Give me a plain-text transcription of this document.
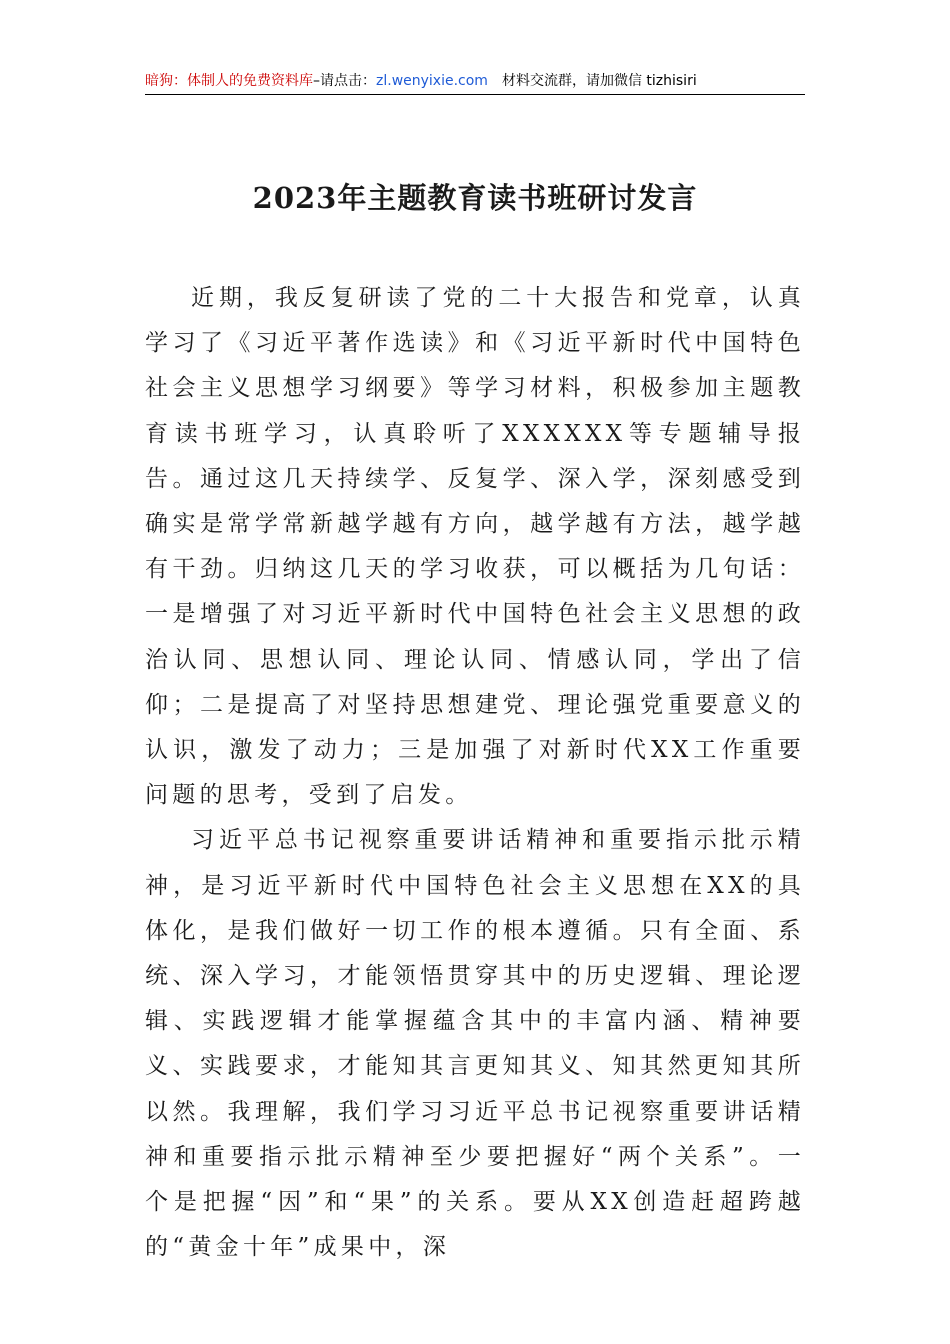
暗狗：体制人的免费资料库–请点击：zl.wenyixie.com 材料交流群，请加微信 tizhisiri
2023年主题教育读书班研讨发言

近期，我反复研读了党的二十大报告和党章，认真学习了《习近平著作选读》和《习近平新时代中国特色社会主义思想学习纲要》等学习材料，积极参加主题教育读书班学习，认真聆听了XXXXXX等专题辅导报告。通过这几天持续学、反复学、深入学，深刻感受到确实是常学常新越学越有方向，越学越有方法，越学越有干劲。归纳这几天的学习收获，可以概括为几句话：一是增强了对习近平新时代中国特色社会主义思想的政治认同、思想认同、理论认同、情感认同，学出了信仰；二是提高了对坚持思想建党、理论强党重要意义的认识，激发了动力；三是加强了对新时代XX工作重要问题的思考，受到了启发。

习近平总书记视察重要讲话精神和重要指示批示精神，是习近平新时代中国特色社会主义思想在XX的具体化，是我们做好一切工作的根本遵循。只有全面、系统、深入学习，才能领悟贯穿其中的历史逻辑、理论逻辑、实践逻辑才能掌握蕴含其中的丰富内涵、精神要义、实践要求，才能知其言更知其义、知其然更知其所以然。我理解，我们学习习近平总书记视察重要讲话精神和重要指示批示精神至少要把握好“两个关系”。一个是把握“因”和“果”的关系。要从XX创造赶超跨越的“黄金十年”成果中，深
